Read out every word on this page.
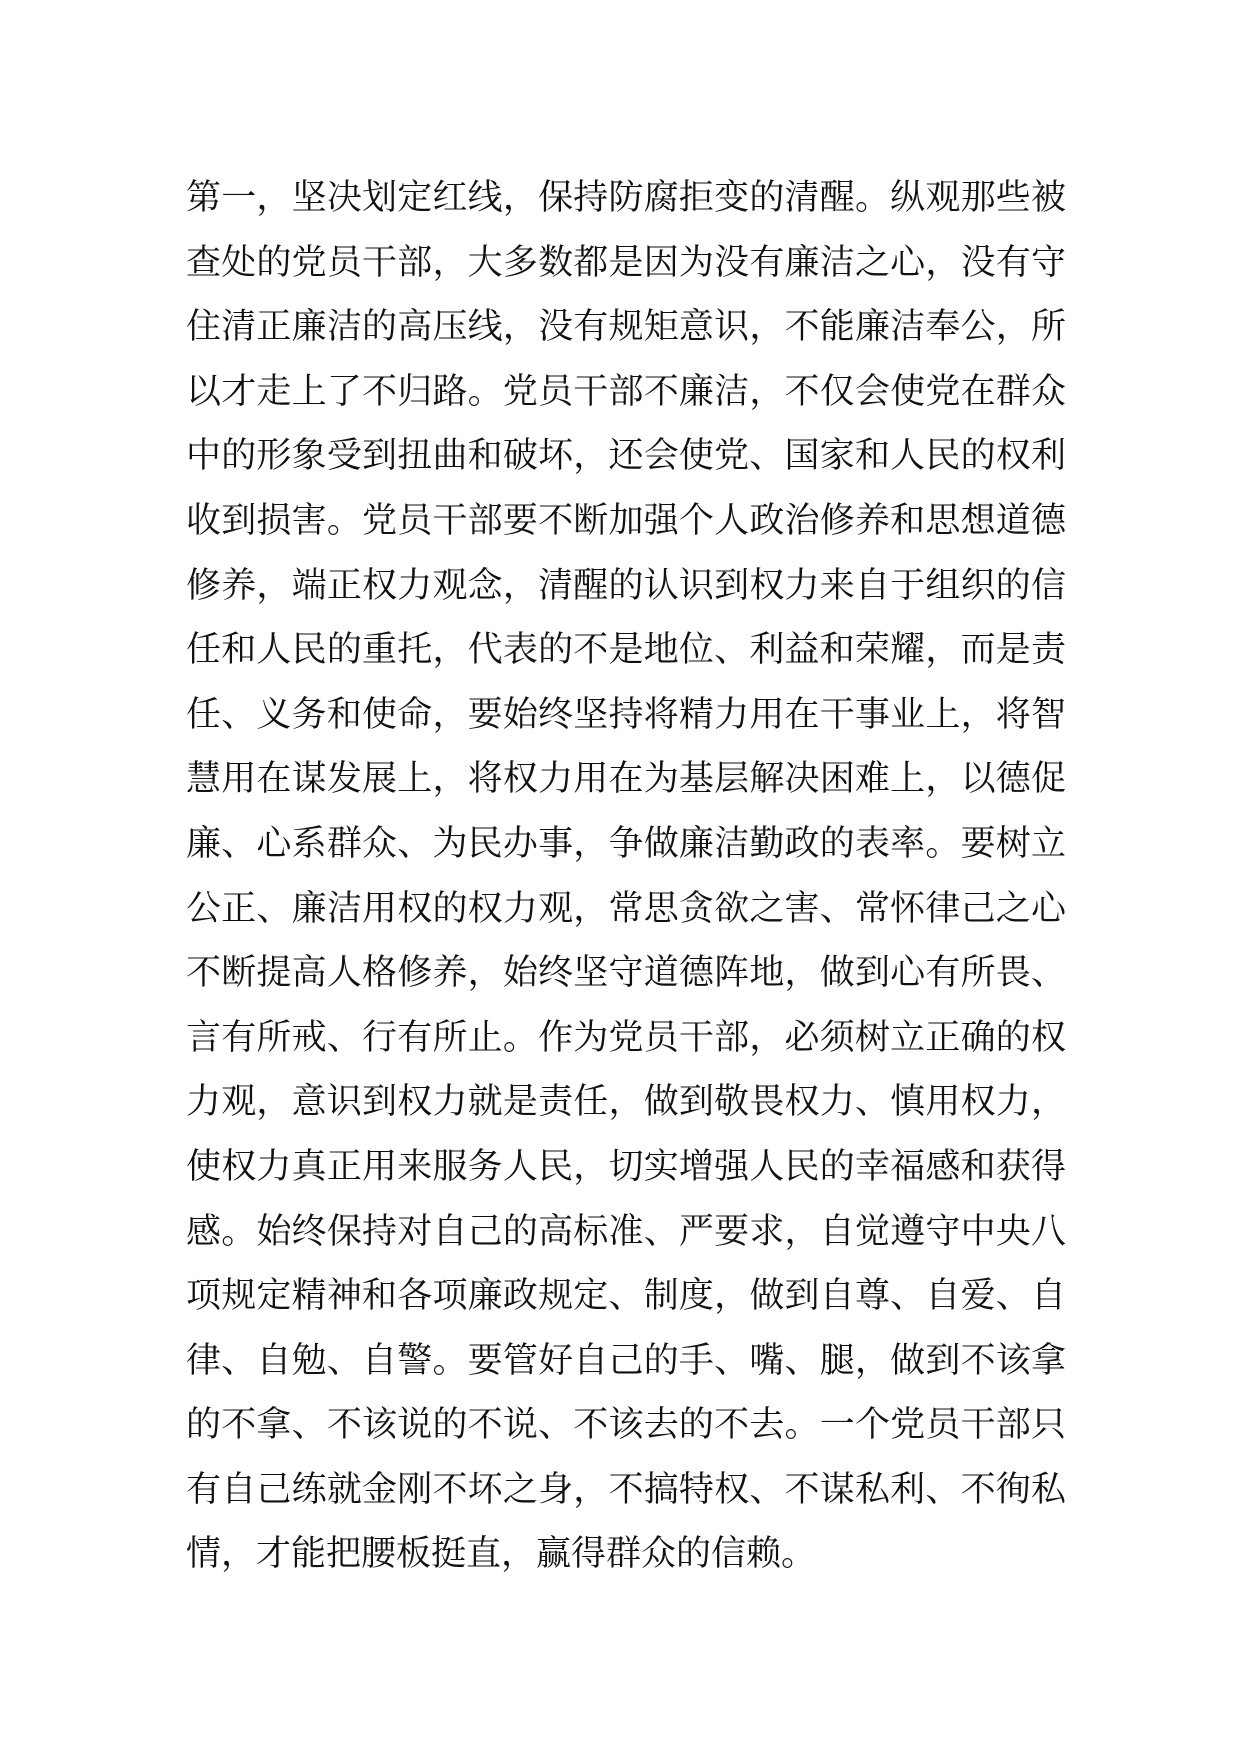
第一，坚决划定红线，保持防腐拒变的清醒。纵观那些被
查处的党员干部，大多数都是因为没有廉洁之心，没有守
住清正廉洁的高压线，没有规矩意识，不能廉洁奉公，所
以才走上了不归路。党员干部不廉洁，不仅会使党在群众
中的形象受到扭曲和破坏，还会使党、国家和人民的权利
收到损害。党员干部要不断加强个人政治修养和思想道德
修养，端正权力观念，清醒的认识到权力来自于组织的信
任和人民的重托，代表的不是地位、利益和荣耀，而是责
任、义务和使命，要始终坚持将精力用在干事业上，将智
慧用在谋发展上，将权力用在为基层解决困难上，以德促
廉、心系群众、为民办事，争做廉洁勤政的表率。要树立
公正、廉洁用权的权力观，常思贪欲之害、常怀律己之心
不断提高人格修养，始终坚守道德阵地，做到心有所畏、
言有所戒、行有所止。作为党员干部，必须树立正确的权
力观，意识到权力就是责任，做到敬畏权力、慎用权力，
使权力真正用来服务人民，切实增强人民的幸福感和获得
感。始终保持对自己的高标准、严要求，自觉遵守中央八
项规定精神和各项廉政规定、制度，做到自尊、自爱、自
律、自勉、自警。要管好自己的手、嘴、腿，做到不该拿
的不拿、不该说的不说、不该去的不去。一个党员干部只
有自己练就金刚不坏之身，不搞特权、不谋私利、不徇私
情，才能把腰板挺直，赢得群众的信赖。
